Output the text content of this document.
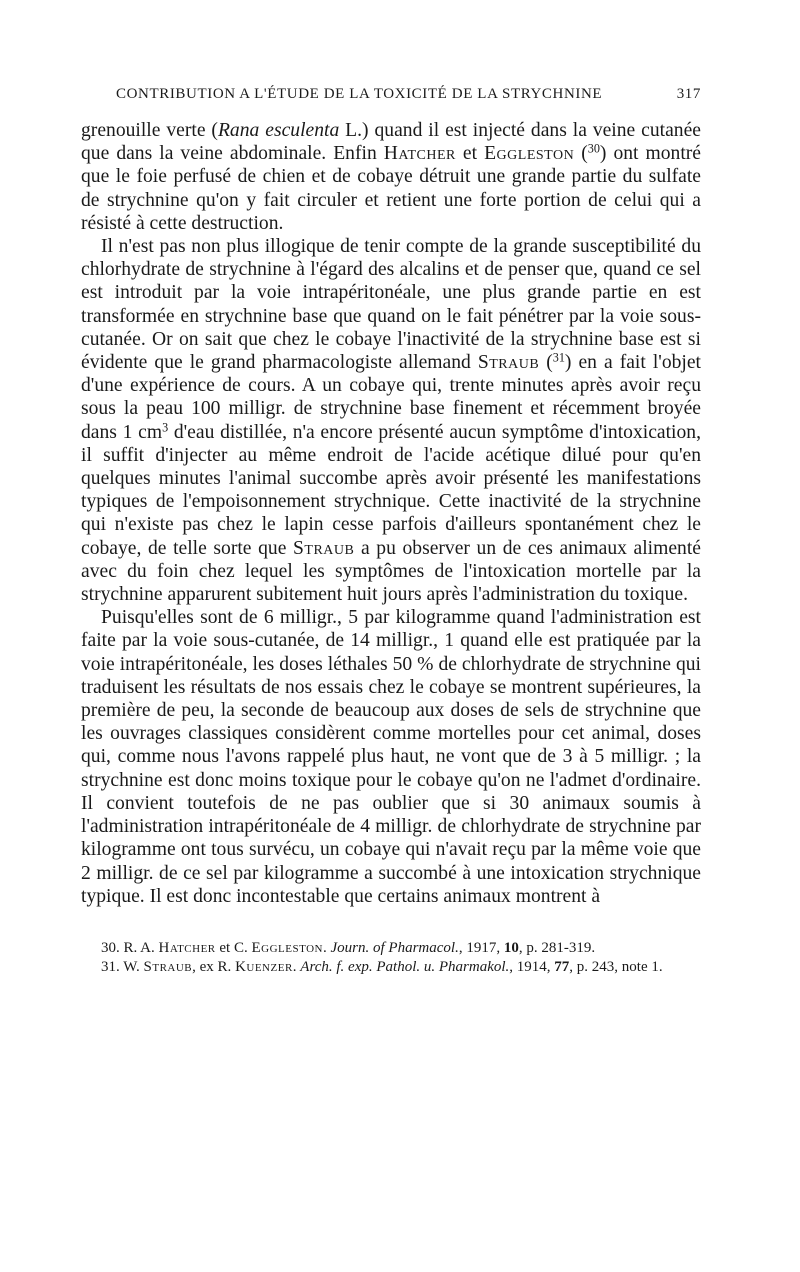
CONTRIBUTION A L'ÉTUDE DE LA TOXICITÉ DE LA STRYCHNINE	317

grenouille verte (Rana esculenta L.) quand il est injecté dans la veine cutanée que dans la veine abdominale. Enfin Hatcher et Eggleston ($^{30}$) ont montré que le foie perfusé de chien et de cobaye détruit une grande partie du sulfate de strychnine qu'on y fait circuler et retient une forte portion de celui qui a résisté à cette destruction.

Il n'est pas non plus illogique de tenir compte de la grande susceptibilité du chlorhydrate de strychnine à l'égard des alcalins et de penser que, quand ce sel est introduit par la voie intrapéritonéale, une plus grande partie en est transformée en strychnine base que quand on le fait pénétrer par la voie sous-cutanée. Or on sait que chez le cobaye l'inactivité de la strychnine base est si évidente que le grand pharmacologiste allemand Straub ($^{31}$) en a fait l'objet d'une expérience de cours. A un cobaye qui, trente minutes après avoir reçu sous la peau 100 milligr. de strychnine base finement et récemment broyée dans 1 $cm^3$ d'eau distillée, n'a encore présenté aucun symptôme d'intoxication, il suffit d'injecter au même endroit de l'acide acétique dilué pour qu'en quelques minutes l'animal succombe après avoir présenté les manifestations typiques de l'empoisonnement strychnique. Cette inactivité de la strychnine qui n'existe pas chez le lapin cesse parfois d'ailleurs spontanément chez le cobaye, de telle sorte que Straub a pu observer un de ces animaux alimenté avec du foin chez lequel les symptômes de l'intoxication mortelle par la strychnine apparurent subitement huit jours après l'administration du toxique.

Puisqu'elles sont de 6 milligr., 5 par kilogramme quand l'administration est faite par la voie sous-cutanée, de 14 milligr., 1 quand elle est pratiquée par la voie intrapéritonéale, les doses léthales 50 % de chlorhydrate de strychnine qui traduisent les résultats de nos essais chez le cobaye se montrent supérieures, la première de peu, la seconde de beaucoup aux doses de sels de strychnine que les ouvrages classiques considèrent comme mortelles pour cet animal, doses qui, comme nous l'avons rappelé plus haut, ne vont que de 3 à 5 milligr. ; la strychnine est donc moins toxique pour le cobaye qu'on ne l'admet d'ordinaire. Il convient toutefois de ne pas oublier que si 30 animaux soumis à l'administration intrapéritonéale de 4 milligr. de chlorhydrate de strychnine par kilogramme ont tous survécu, un cobaye qui n'avait reçu par la même voie que 2 milligr. de ce sel par kilogramme a succombé à une intoxication strychnique typique. Il est donc incontestable que certains animaux montrent à

30. R. A. Hatcher et C. Eggleston. Journ. of Pharmacol., 1917, 10, p. 281-319.

31. W. Straub, ex R. Kuenzer. Arch. f. exp. Pathol. u. Pharmakol., 1914, 77, p. 243, note 1.
